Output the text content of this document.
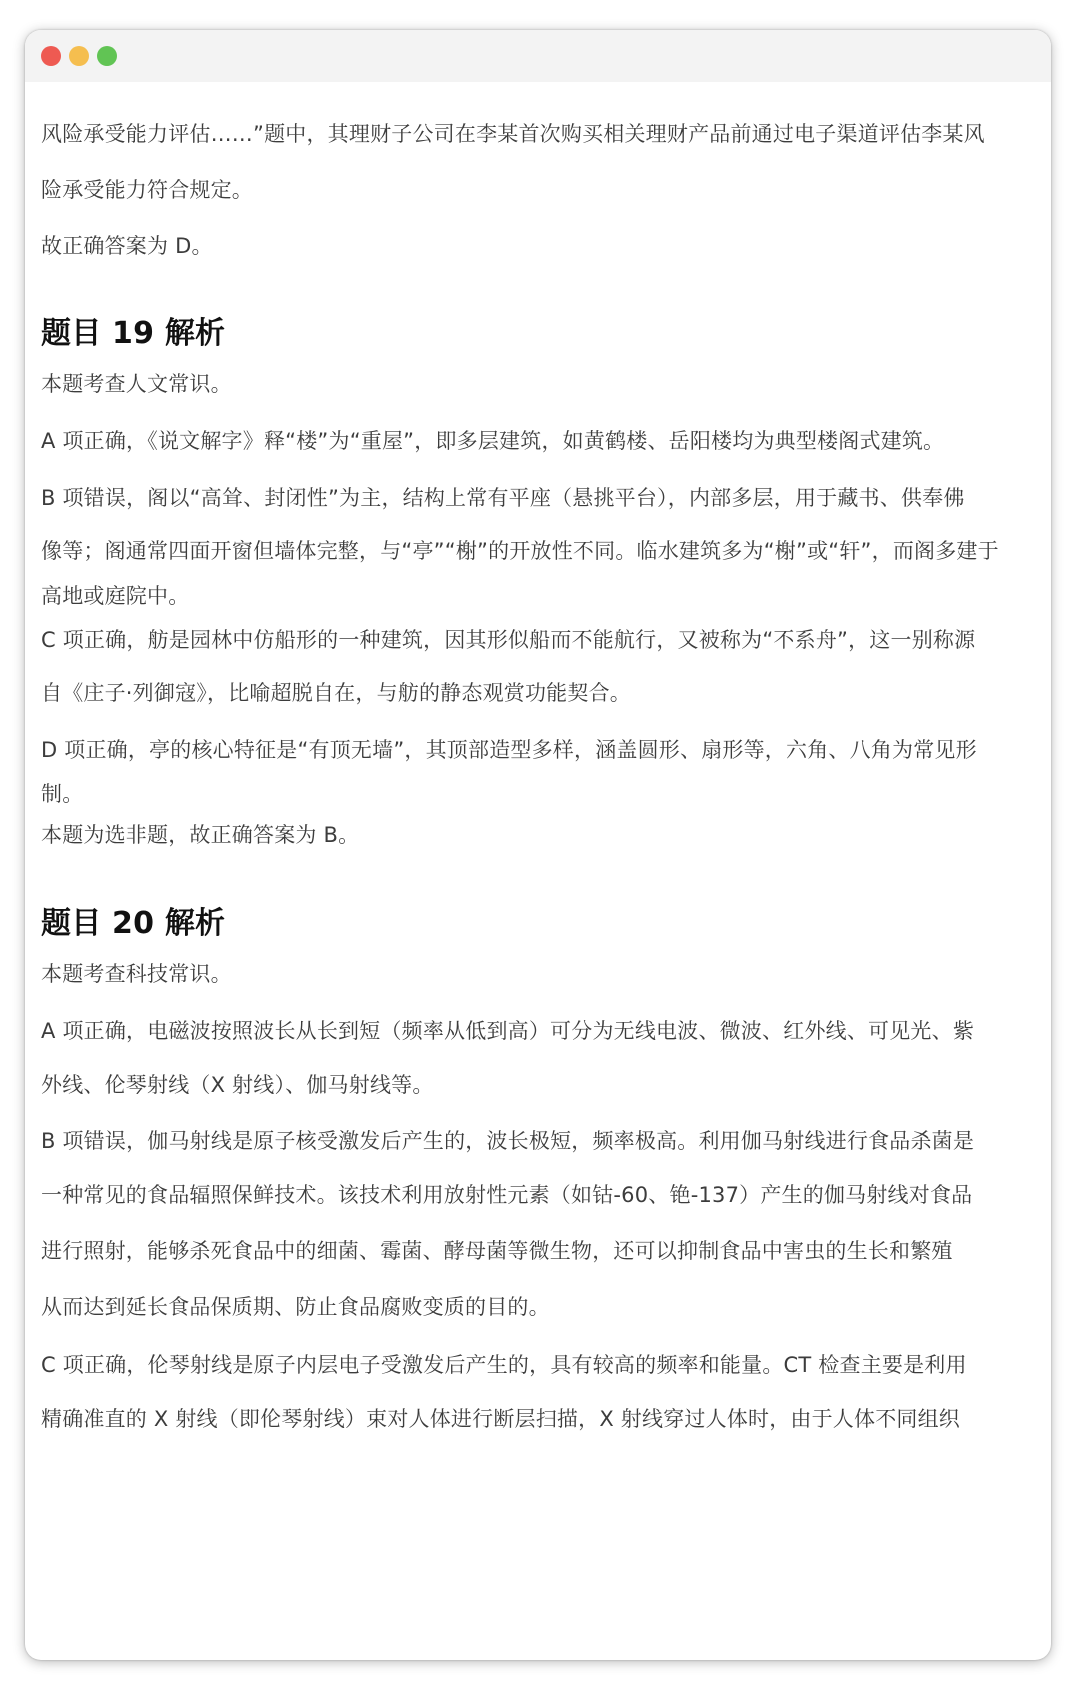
风险承受能力评估……”题中，其理财子公司在李某首次购买相关理财产品前通过电子渠道评估李某风
险承受能力符合规定。
故正确答案为 D。
题目 19 解析
本题考查人文常识。
A 项正确，《说文解字》释“楼”为“重屋”，即多层建筑，如黄鹤楼、岳阳楼均为典型楼阁式建筑。
B 项错误，阁以“高耸、封闭性”为主，结构上常有平座（悬挑平台），内部多层，用于藏书、供奉佛
像等；阁通常四面开窗但墙体完整，与“亭”“榭”的开放性不同。临水建筑多为“榭”或“轩”，而阁多建于
高地或庭院中。
C 项正确，舫是园林中仿船形的一种建筑，因其形似船而不能航行，又被称为“不系舟”，这一别称源
自《庄子·列御寇》，比喻超脱自在，与舫的静态观赏功能契合。
D 项正确，亭的核心特征是“有顶无墙”，其顶部造型多样，涵盖圆形、扇形等，六角、八角为常见形
制。
本题为选非题，故正确答案为 B。
题目 20 解析
本题考查科技常识。
A 项正确，电磁波按照波长从长到短（频率从低到高）可分为无线电波、微波、红外线、可见光、紫
外线、伦琴射线（X 射线）、伽马射线等。
B 项错误，伽马射线是原子核受激发后产生的，波长极短，频率极高。利用伽马射线进行食品杀菌是
一种常见的食品辐照保鲜技术。该技术利用放射性元素（如钴-60、铯-137）产生的伽马射线对食品
进行照射，能够杀死食品中的细菌、霉菌、酵母菌等微生物，还可以抑制食品中害虫的生长和繁殖
从而达到延长食品保质期、防止食品腐败变质的目的。
C 项正确，伦琴射线是原子内层电子受激发后产生的，具有较高的频率和能量。CT 检查主要是利用
精确准直的 X 射线（即伦琴射线）束对人体进行断层扫描，X 射线穿过人体时，由于人体不同组织
